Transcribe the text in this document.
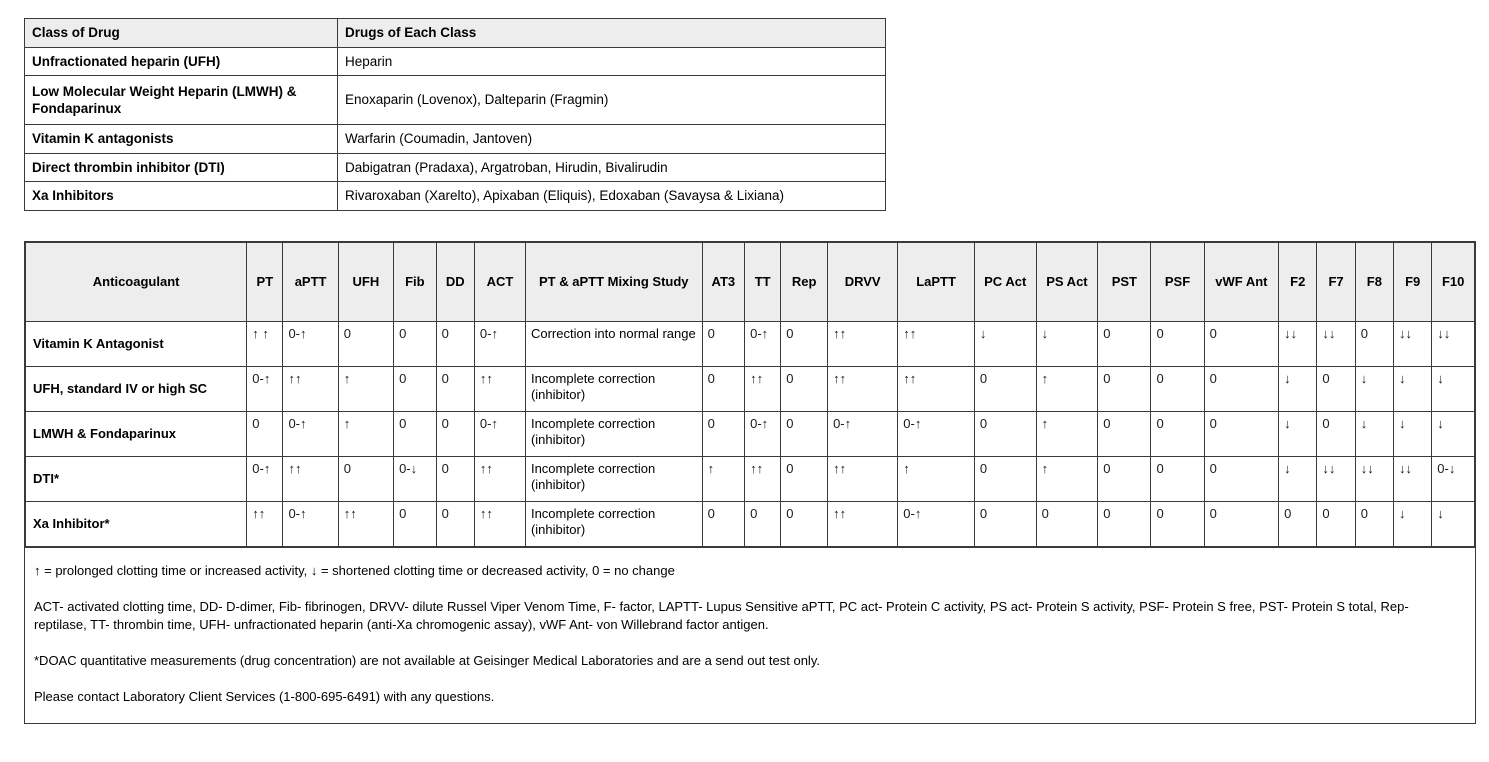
Class of Drug	Drugs of Each Class
Unfractionated heparin (UFH)	Heparin
Low Molecular Weight Heparin (LMWH) & Fondaparinux	Enoxaparin (Lovenox), Dalteparin (Fragmin)
Vitamin K antagonists	Warfarin (Coumadin, Jantoven)
Direct thrombin inhibitor (DTI)	Dabigatran (Pradaxa), Argatroban, Hirudin, Bivalirudin
Xa Inhibitors	Rivaroxaban (Xarelto), Apixaban (Eliquis), Edoxaban (Savaysa & Lixiana)
Anticoagulant	PT	aPTT	UFH	Fib	DD	ACT	PT & aPTT Mixing Study	AT3	TT	Rep	DRVV	LaPTT	PC Act	PS Act	PST	PSF	vWF Ant	F2	F7	F8	F9	F10
Vitamin K Antagonist	↑ ↑	0-↑	0	0	0	0-↑	Correction into normal range	0	0-↑	0	↑↑	↑↑	↓	↓	0	0	0	↓↓	↓↓	0	↓↓	↓↓
UFH, standard IV or high SC	0-↑	↑↑	↑	0	0	↑↑	Incomplete correction (inhibitor)	0	↑↑	0	↑↑	↑↑	0	↑	0	0	0	↓	0	↓	↓	↓
LMWH & Fondaparinux	0	0-↑	↑	0	0	0-↑	Incomplete correction (inhibitor)	0	0-↑	0	0-↑	0-↑	0	↑	0	0	0	↓	0	↓	↓	↓
DTI*	0-↑	↑↑	0	0-↓	0	↑↑	Incomplete correction (inhibitor)	↑	↑↑	0	↑↑	↑	0	↑	0	0	0	↓	↓↓	↓↓	↓↓	0-↓
Xa Inhibitor*	↑↑	0-↑	↑↑	0	0	↑↑	Incomplete correction (inhibitor)	0	0	0	↑↑	0-↑	0	0	0	0	0	0	0	0	↓	↓

↑ = prolonged clotting time or increased activity, ↓ = shortened clotting time or decreased activity, 0 = no change

ACT- activated clotting time, DD- D-dimer, Fib- fibrinogen, DRVV- dilute Russel Viper Venom Time, F- factor, LAPTT- Lupus Sensitive aPTT, PC act- Protein C activity, PS act- Protein S activity, PSF- Protein S free, PST- Protein S total, Rep- reptilase, TT- thrombin time, UFH- unfractionated heparin (anti-Xa chromogenic assay), vWF Ant- von Willebrand factor antigen.

*DOAC quantitative measurements (drug concentration) are not available at Geisinger Medical Laboratories and are a send out test only.

Please contact Laboratory Client Services (1-800-695-6491) with any questions.
